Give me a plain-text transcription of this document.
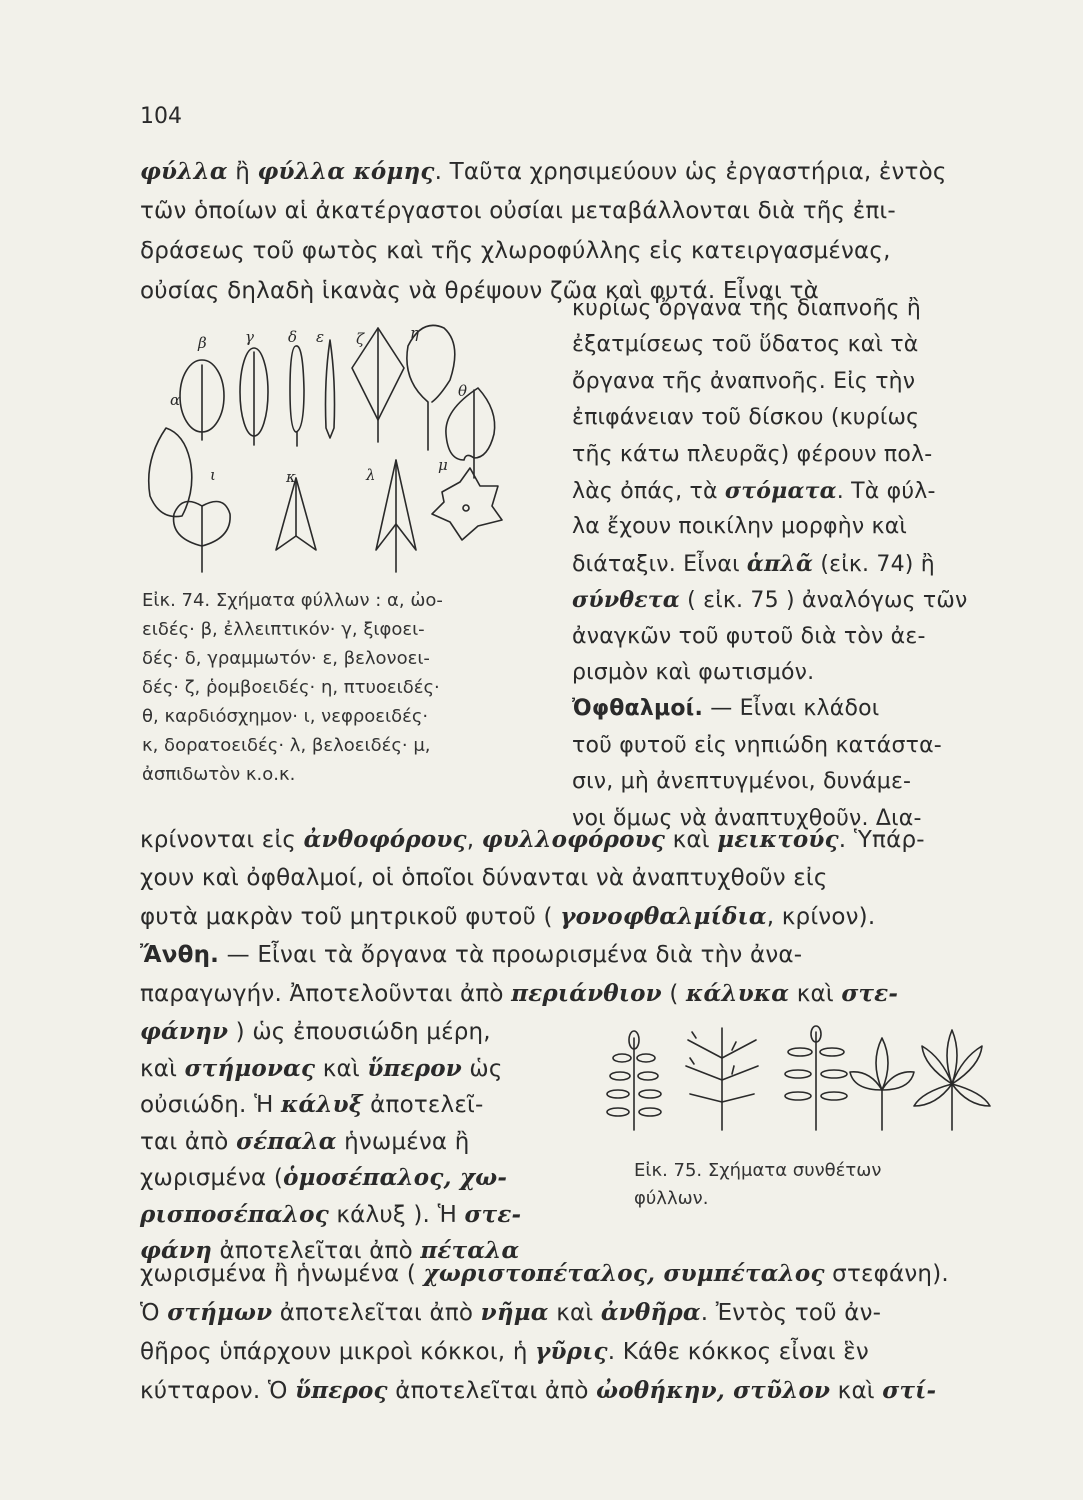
104
φύλλα ἢ φύλλα κόμης. Ταῦτα χρησιμεύουν ὡς ἐργαστήρια, ἐντὸς
τῶν ὁποίων αἱ ἀκατέργαστοι οὐσίαι μεταβάλλονται διὰ τῆς ἐπι-
δράσεως τοῦ φωτὸς καὶ τῆς χλωροφύλλης εἰς κατειργασμένας,
οὐσίας δηλαδὴ ἱκανὰς νὰ θρέψουν ζῶα καὶ φυτά. Εἶναι τὰ
κυρίως ὄργανα τῆς διαπνοῆς ἢ
ἐξατμίσεως τοῦ ὕδατος καὶ τὰ
ὄργανα τῆς ἀναπνοῆς. Εἰς τὴν
ἐπιφάνειαν τοῦ δίσκου (κυρίως
τῆς κάτω πλευρᾶς) φέρουν πολ-
λὰς ὀπάς, τὰ στόματα. Τὰ φύλ-
λα ἔχουν ποικίλην μορφὴν καὶ
διάταξιν. Εἶναι ἁπλᾶ (εἰκ. 74) ἢ
σύνθετα ( εἰκ. 75 ) ἀναλόγως τῶν
ἀναγκῶν τοῦ φυτοῦ διὰ τὸν ἀε-
ρισμὸν καὶ φωτισμόν.
Ὀφθαλμοί. — Εἶναι κλάδοι
τοῦ φυτοῦ εἰς νηπιώδη κατάστα-
σιν, μὴ ἀνεπτυγμένοι, δυνάμε-
νοι ὅμως νὰ ἀναπτυχθοῦν. Δια-
α
β	γ δ ε ζ	η
θ
ι	κ	λ
μ
Εἰκ. 74. Σχήματα φύλλων : α, ὠο-
ειδές· β, ἐλλειπτικόν· γ, ξιφοει-
δές· δ, γραμμωτόν· ε, βελονοει-
δές· ζ, ῥομβοειδές· η, πτυοειδές·
θ, καρδιόσχημον· ι, νεφροειδές·
κ, δορατοειδές· λ, βελοειδές· μ,
ἀσπιδωτὸν κ.ο.κ.
κρίνονται εἰς ἀνθοφόρους, φυλλοφόρους καὶ μεικτούς. Ὑπάρ-
χουν καὶ ὀφθαλμοί, οἱ ὁποῖοι δύνανται νὰ ἀναπτυχθοῦν εἰς
φυτὰ μακρὰν τοῦ μητρικοῦ φυτοῦ ( γονοφθαλμίδια, κρίνον).
Ἄνθη. — Εἶναι τὰ ὄργανα τὰ προωρισμένα διὰ τὴν ἀνα-
παραγωγήν. Ἀποτελοῦνται ἀπὸ περιάνθιον ( κάλυκα καὶ στε-
φάνην ) ὡς ἐπουσιώδη μέρη,
καὶ στήμονας καὶ ὕπερον ὡς
οὐσιώδη. Ἡ κάλυξ ἀποτελεῖ-
ται ἀπὸ σέπαλα ἡνωμένα ἢ
χωρισμένα (ὁμοσέπαλος, χω-
ρισποσέπαλος κάλυξ ). Ἡ στε-
φάνη ἀποτελεῖται ἀπὸ πέταλα
Εἰκ. 75. Σχήματα συνθέτων
φύλλων.
χωρισμένα ἢ ἡνωμένα ( χωριστοπέταλος, συμπέταλος στεφάνη).
Ὁ στήμων ἀποτελεῖται ἀπὸ νῆμα καὶ ἀνθῆρα. Ἐντὸς τοῦ ἀν-
θῆρος ὑπάρχουν μικροὶ κόκκοι, ἡ γῦρις. Κάθε κόκκος εἶναι ἓν
κύτταρον. Ὁ ὕπερος ἀποτελεῖται ἀπὸ ὠοθήκην, στῦλον καὶ στί-
